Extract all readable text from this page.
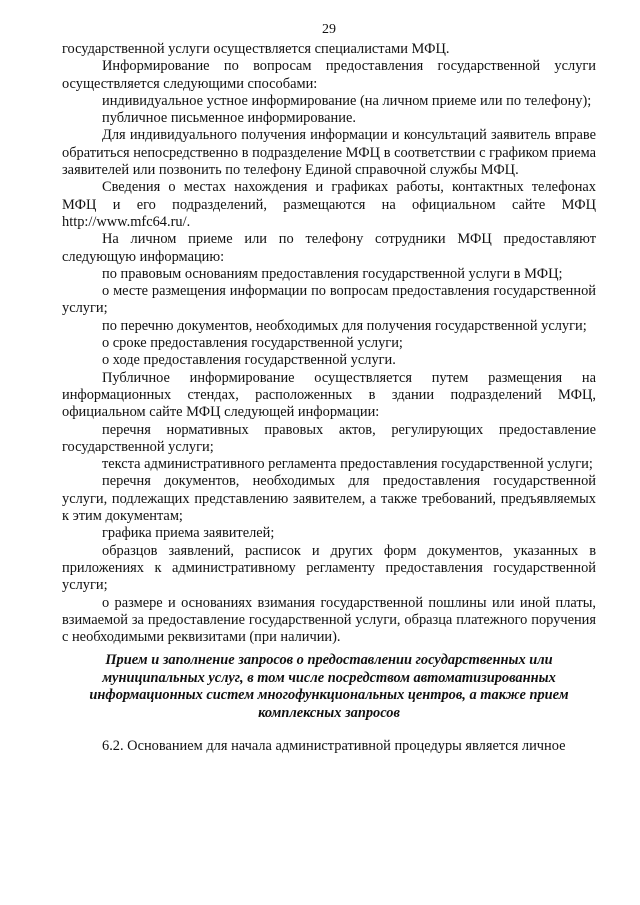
29

государственной услуги осуществляется специалистами МФЦ.

Информирование по вопросам предоставления государственной услуги осуществляется следующими способами:

индивидуальное устное информирование (на личном приеме или по телефону);

публичное письменное информирование.

Для индивидуального получения информации и консультаций заявитель вправе обратиться непосредственно в подразделение МФЦ в соответствии с графиком приема заявителей или позвонить по телефону Единой справочной службы МФЦ.

Сведения о местах нахождения и графиках работы, контактных телефонах МФЦ и его подразделений, размещаются на официальном сайте МФЦ http://www.mfc64.ru/.

На личном приеме или по телефону сотрудники МФЦ предоставляют следующую информацию:

по правовым основаниям предоставления государственной услуги в МФЦ;

о месте размещения информации по вопросам предоставления государственной услуги;

по перечню документов, необходимых для получения государственной услуги;

о сроке предоставления государственной услуги;

о ходе предоставления государственной услуги.

Публичное информирование осуществляется путем размещения на информационных стендах, расположенных в здании подразделений МФЦ, официальном сайте МФЦ следующей информации:

перечня нормативных правовых актов, регулирующих предоставление государственной услуги;

текста административного регламента предоставления государственной услуги;

перечня документов, необходимых для предоставления государственной услуги, подлежащих представлению заявителем, а также требований, предъявляемых к этим документам;

графика приема заявителей;

образцов заявлений, расписок и других форм документов, указанных в приложениях к административному регламенту предоставления государственной услуги;

о размере и основаниях взимания государственной пошлины или иной платы, взимаемой за предоставление государственной услуги, образца платежного поручения с необходимыми реквизитами (при наличии).

Прием и заполнение запросов о предоставлении государственных или муниципальных услуг, в том числе посредством автоматизированных информационных систем многофункциональных центров, а также прием комплексных запросов

6.2. Основанием для начала административной процедуры является личное
